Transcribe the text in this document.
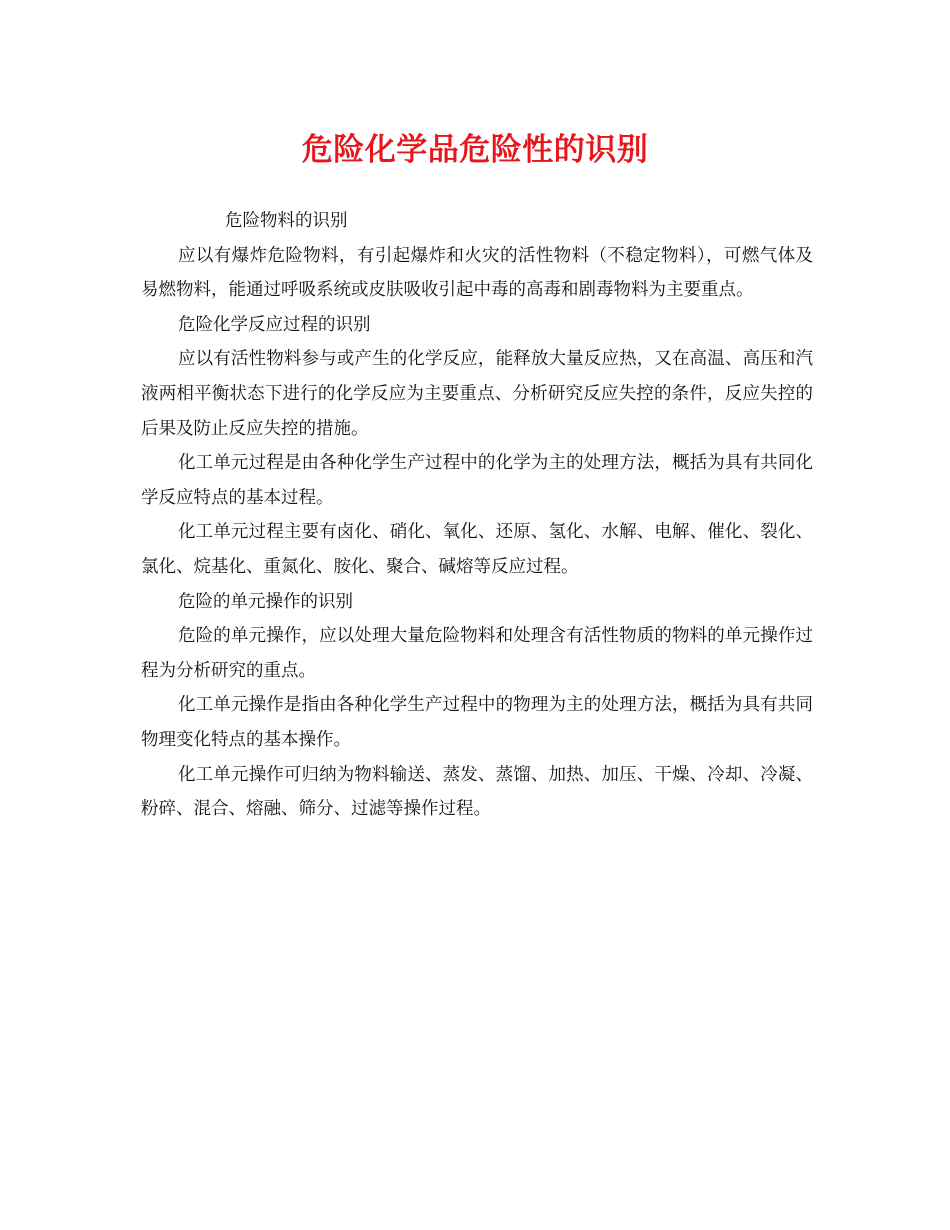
危险化学品危险性的识别

危险物料的识别

应以有爆炸危险物料，有引起爆炸和火灾的活性物料（不稳定物料），可燃气体及易燃物料，能通过呼吸系统或皮肤吸收引起中毒的高毒和剧毒物料为主要重点。

危险化学反应过程的识别

应以有活性物料参与或产生的化学反应，能释放大量反应热，又在高温、高压和汽液两相平衡状态下进行的化学反应为主要重点、分析研究反应失控的条件，反应失控的后果及防止反应失控的措施。

化工单元过程是由各种化学生产过程中的化学为主的处理方法，概括为具有共同化学反应特点的基本过程。

化工单元过程主要有卤化、硝化、氧化、还原、氢化、水解、电解、催化、裂化、氯化、烷基化、重氮化、胺化、聚合、碱熔等反应过程。

危险的单元操作的识别

危险的单元操作，应以处理大量危险物料和处理含有活性物质的物料的单元操作过程为分析研究的重点。

化工单元操作是指由各种化学生产过程中的物理为主的处理方法，概括为具有共同物理变化特点的基本操作。

化工单元操作可归纳为物料输送、蒸发、蒸馏、加热、加压、干燥、冷却、冷凝、粉碎、混合、熔融、筛分、过滤等操作过程。
